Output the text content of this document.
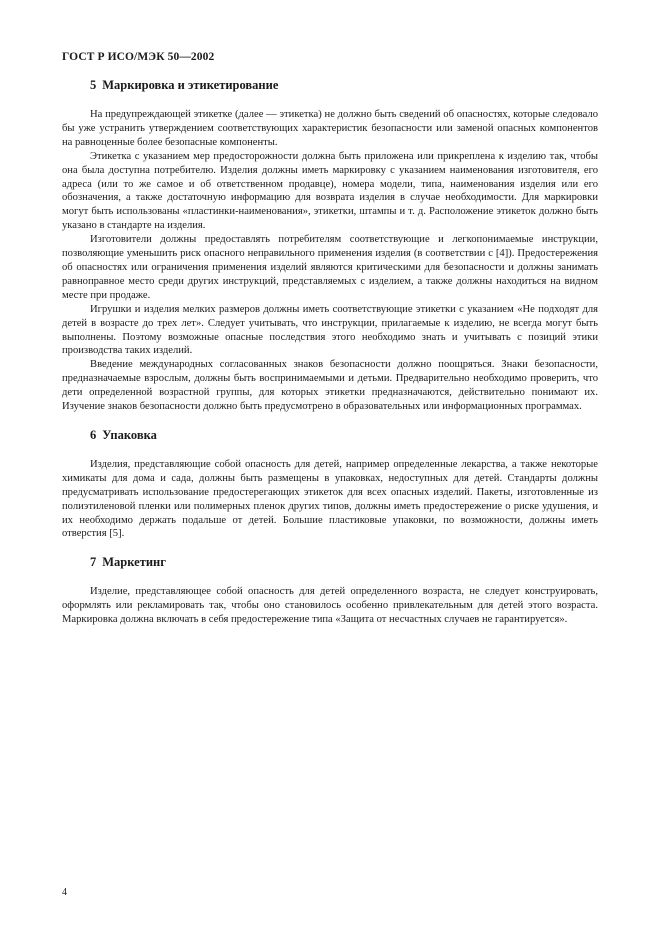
ГОСТ Р ИСО/МЭК 50—2002
5 Маркировка и этикетирование

На предупреждающей этикетке (далее — этикетка) не должно быть сведений об опасностях, которые следовало бы уже устранить утверждением соответствующих характеристик безопасности или заменой опасных компонентов на равноценные более безопасные компоненты.

Этикетка с указанием мер предосторожности должна быть приложена или прикреплена к изделию так, чтобы она была доступна потребителю. Изделия должны иметь маркировку с указанием наименования изготовителя, его адреса (или то же самое и об ответственном продавце), номера модели, типа, наименования изделия или его обозначения, а также достаточную информацию для возврата изделия в случае необходимости. Для маркировки могут быть использованы «пластинки-наименования», этикетки, штампы и т. д. Расположение этикеток должно быть указано в стандарте на изделия.

Изготовители должны предоставлять потребителям соответствующие и легкопонимаемые инструкции, позволяющие уменьшить риск опасного неправильного применения изделия (в соответствии с [4]). Предостережения об опасностях или ограничения применения изделий являются критическими для безопасности и должны занимать равноправное место среди других инструкций, представляемых с изделием, а также должны находиться на видном месте при продаже.

Игрушки и изделия мелких размеров должны иметь соответствующие этикетки с указанием «Не подходят для детей в возрасте до трех лет». Следует учитывать, что инструкции, прилагаемые к изделию, не всегда могут быть выполнены. Поэтому возможные опасные последствия этого необходимо знать и учитывать с позиций этики производства таких изделий.

Введение международных согласованных знаков безопасности должно поощряться. Знаки безопасности, предназначаемые взрослым, должны быть воспринимаемыми и детьми. Предварительно необходимо проверить, что дети определенной возрастной группы, для которых этикетки предназначаются, действительно понимают их. Изучение знаков безопасности должно быть предусмотрено в образовательных или информационных программах.

6 Упаковка

Изделия, представляющие собой опасность для детей, например определенные лекарства, а также некоторые химикаты для дома и сада, должны быть размещены в упаковках, недоступных для детей. Стандарты должны предусматривать использование предостерегающих этикеток для всех опасных изделий. Пакеты, изготовленные из полиэтиленовой пленки или полимерных пленок других типов, должны иметь предостережение о риске удушения, и их необходимо держать подальше от детей. Большие пластиковые упаковки, по возможности, должны иметь отверстия [5].

7 Маркетинг

Изделие, представляющее собой опасность для детей определенного возраста, не следует конструировать, оформлять или рекламировать так, чтобы оно становилось особенно привлекательным для детей этого возраста. Маркировка должна включать в себя предостережение типа «Защита от несчастных случаев не гарантируется».

4
